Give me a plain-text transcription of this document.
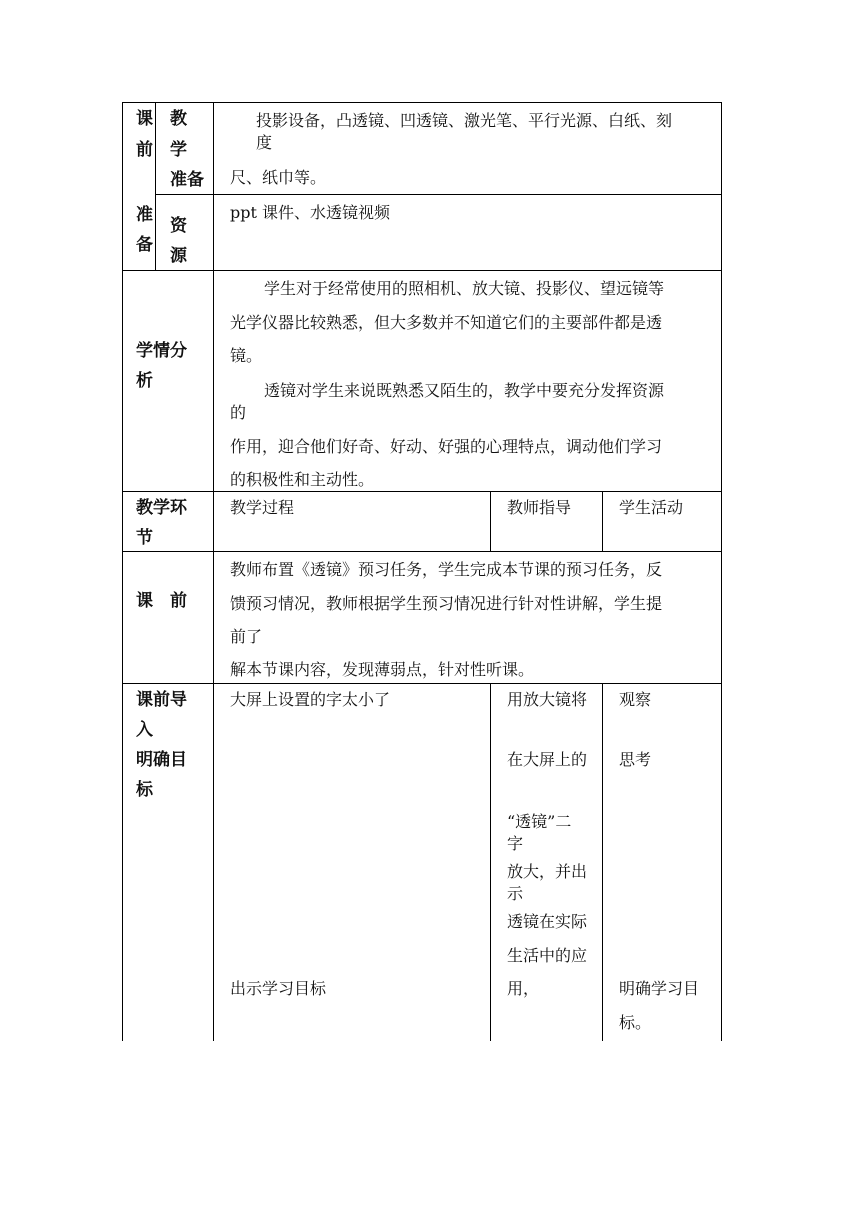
课
前
准
备
教
学
准备
投影设备，凸透镜、凹透镜、激光笔、平行光源、白纸、刻
度
尺、纸巾等。
资
源
ppt 课件、水透镜视频
学情分
析
学生对于经常使用的照相机、放大镜、投影仪、望远镜等
光学仪器比较熟悉，但大多数并不知道它们的主要部件都是透
镜。
透镜对学生来说既熟悉又陌生的，教学中要充分发挥资源
的
作用，迎合他们好奇、好动、好强的心理特点，调动他们学习
的积极性和主动性。
教学环
节
教学过程	教师指导	学生活动
课　前
教师布置《透镜》预习任务，学生完成本节课的预习任务，反
馈预习情况，教师根据学生预习情况进行针对性讲解，学生提
前了
解本节课内容，发现薄弱点，针对性听课。
课前导
入
明确目
标
大屏上设置的字太小了
出示学习目标
用放大镜将
在大屏上的
“透镜”二
字
放大，并出
示
透镜在实际
生活中的应
用，
观察
思考
明确学习目
标。
